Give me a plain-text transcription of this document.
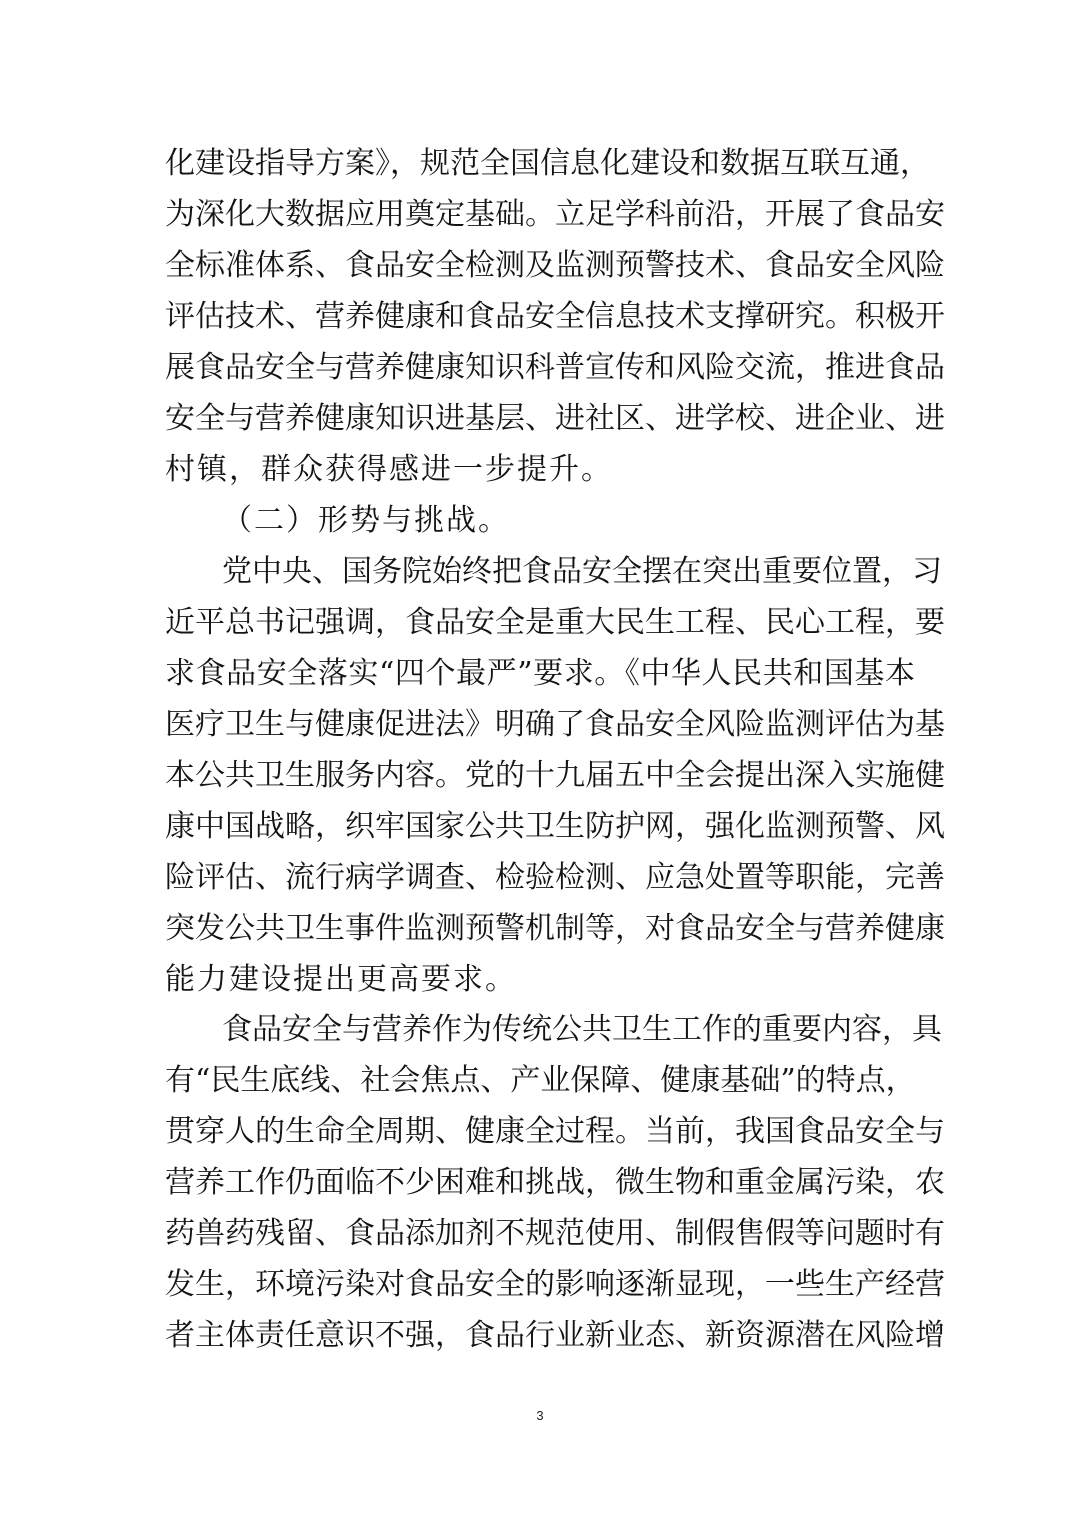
化建设指导方案》，规范全国信息化建设和数据互联互通，
为深化大数据应用奠定基础。立足学科前沿，开展了食品安
全标准体系、食品安全检测及监测预警技术、食品安全风险
评估技术、营养健康和食品安全信息技术支撑研究。积极开
展食品安全与营养健康知识科普宣传和风险交流，推进食品
安全与营养健康知识进基层、进社区、进学校、进企业、进
村镇，群众获得感进一步提升。
（二）形势与挑战。
党中央、国务院始终把食品安全摆在突出重要位置，习
近平总书记强调，食品安全是重大民生工程、民心工程，要
求食品安全落实“四个最严”要求。《中华人民共和国基本
医疗卫生与健康促进法》明确了食品安全风险监测评估为基
本公共卫生服务内容。党的十九届五中全会提出深入实施健
康中国战略，织牢国家公共卫生防护网，强化监测预警、风
险评估、流行病学调查、检验检测、应急处置等职能，完善
突发公共卫生事件监测预警机制等，对食品安全与营养健康
能力建设提出更高要求。
食品安全与营养作为传统公共卫生工作的重要内容，具
有“民生底线、社会焦点、产业保障、健康基础”的特点，
贯穿人的生命全周期、健康全过程。当前，我国食品安全与
营养工作仍面临不少困难和挑战，微生物和重金属污染，农
药兽药残留、食品添加剂不规范使用、制假售假等问题时有
发生，环境污染对食品安全的影响逐渐显现，一些生产经营
者主体责任意识不强，食品行业新业态、新资源潜在风险增
3
